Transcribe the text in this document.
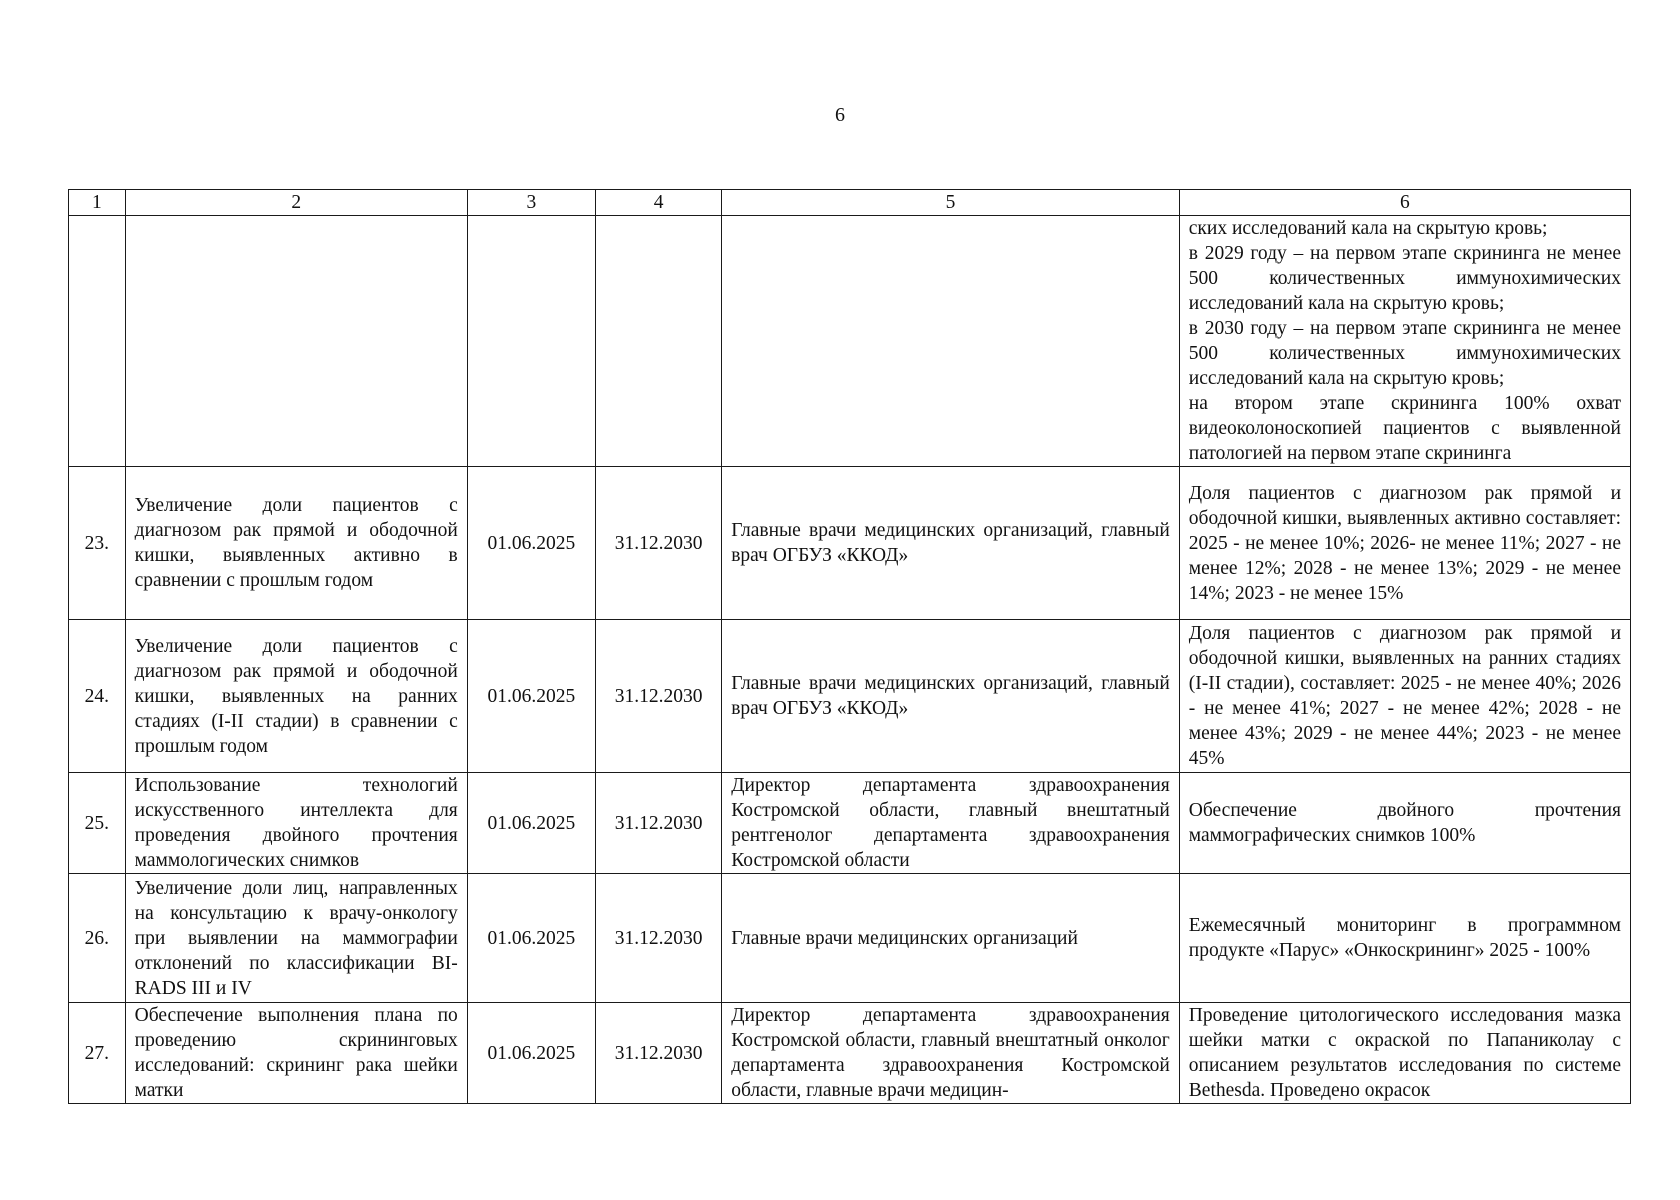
6
1	2	3	4	5	6
					ских исследований кала на скрытую кровь;
в 2029 году – на первом этапе скрининга не менее 500 количественных иммунохимических исследований кала на скрытую кровь;
в 2030 году – на первом этапе скрининга не менее 500 количественных иммунохимических исследований кала на скрытую кровь;
на втором этапе скрининга 100% охват видеоколоноскопией пациентов с выявленной патологией на первом этапе скрининга
23.	Увеличение доли пациентов с диагнозом рак прямой и ободочной кишки, выявленных активно в сравнении с прошлым годом	01.06.2025	31.12.2030	Главные врачи медицинских организаций, главный врач ОГБУЗ «ККОД»	Доля пациентов с диагнозом рак прямой и ободочной кишки, выявленных активно составляет: 2025 - не менее 10%; 2026- не менее 11%; 2027 - не менее 12%; 2028 - не менее 13%; 2029 - не менее 14%; 2023 - не менее 15%
24.	Увеличение доли пациентов с диагнозом рак прямой и ободочной кишки, выявленных на ранних стадиях (I-II стадии) в сравнении с прошлым годом	01.06.2025	31.12.2030	Главные врачи медицинских организаций, главный врач ОГБУЗ «ККОД»	Доля пациентов с диагнозом рак прямой и ободочной кишки, выявленных на ранних стадиях (I-II стадии), составляет: 2025 - не менее 40%; 2026 - не менее 41%; 2027 - не менее 42%; 2028 - не менее 43%; 2029 - не менее 44%; 2023 - не менее 45%
25.	Использование технологий искусственного интеллекта для проведения двойного прочтения маммологических снимков	01.06.2025	31.12.2030	Директор департамента здравоохранения Костромской области, главный внештатный рентгенолог департамента здравоохранения Костромской области	Обеспечение двойного прочтения маммографических снимков 100%
26.	Увеличение доли лиц, направленных на консультацию к врачу-онкологу при выявлении на маммографии отклонений по классификации BI-RADS III и IV	01.06.2025	31.12.2030	Главные врачи медицинских организаций	Ежемесячный мониторинг в программном продукте «Парус» «Онкоскрининг» 2025 - 100%
27.	Обеспечение выполнения плана по проведению скрининговых исследований: скрининг рака шейки матки	01.06.2025	31.12.2030	Директор департамента здравоохранения Костромской области, главный внештатный онколог департамента здравоохранения Костромской области, главные врачи медицин-	Проведение цитологического исследования мазка шейки матки с окраской по Папаниколау с описанием результатов исследования по системе Bethesda. Проведено окрасок
